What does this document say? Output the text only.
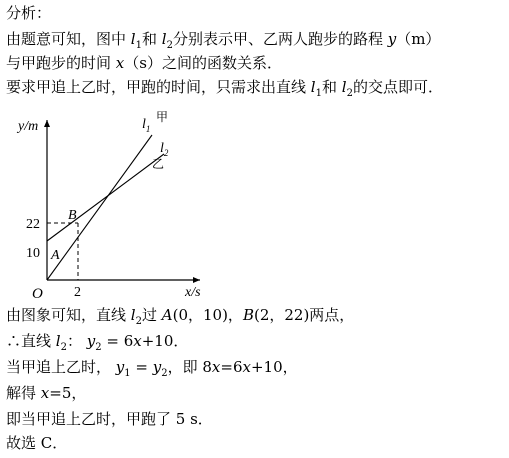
分析：
由题意可知，图中 $l_1$和 $l_2$分别表示甲、乙两人跑步的路程 y（m）
与甲跑步的时间 x（s）之间的函数关系．
要求甲追上乙时，甲跑的时间，只需求出直线 $l_1$和 $l_2$的交点即可．
y/m
x/s
O
22
10
2
A
B
$l_1$
甲
$l_2$
乙
由图象可知，直线 $l_2$过 A(0，10)，B(2，22)两点，
∴直线 $l_2$： $y_2 = 6x+10$．
当甲追上乙时， $y_1 = y_2$，即 8x=6x+10，
解得 x=5，
即当甲追上乙时，甲跑了 5 s．
故选 C．
